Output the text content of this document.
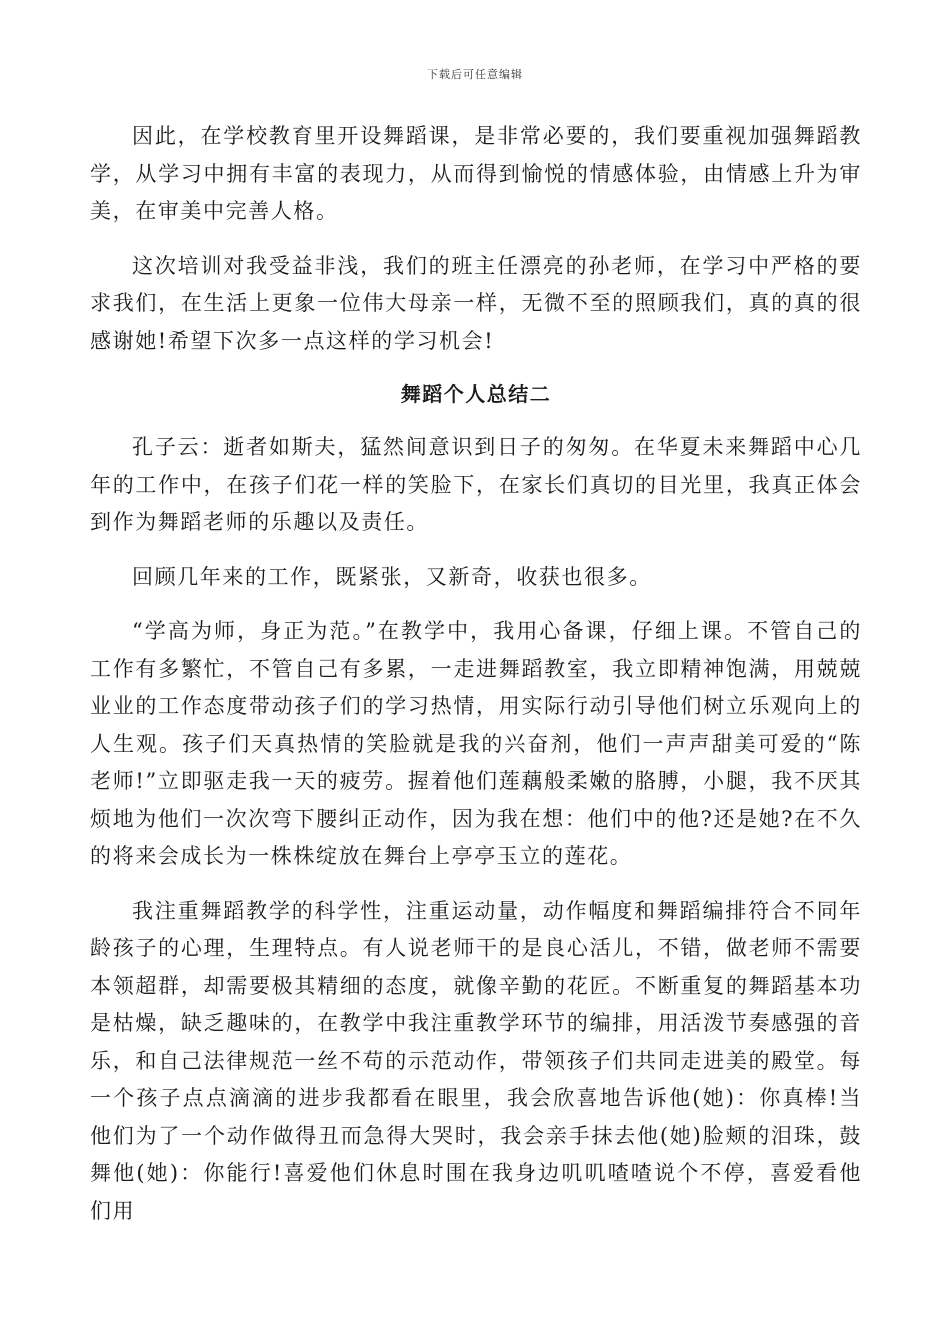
下载后可任意编辑

因此，在学校教育里开设舞蹈课，是非常必要的，我们要重视加强舞蹈教学，从学习中拥有丰富的表现力，从而得到愉悦的情感体验，由情感上升为审美，在审美中完善人格。

这次培训对我受益非浅，我们的班主任漂亮的孙老师，在学习中严格的要求我们，在生活上更象一位伟大母亲一样，无微不至的照顾我们，真的真的很感谢她!希望下次多一点这样的学习机会!

舞蹈个人总结二

孔子云：逝者如斯夫，猛然间意识到日子的匆匆。在华夏未来舞蹈中心几年的工作中，在孩子们花一样的笑脸下，在家长们真切的目光里，我真正体会到作为舞蹈老师的乐趣以及责任。

回顾几年来的工作，既紧张，又新奇，收获也很多。

“学高为师，身正为范。”在教学中，我用心备课，仔细上课。不管自己的工作有多繁忙，不管自己有多累，一走进舞蹈教室，我立即精神饱满，用兢兢业业的工作态度带动孩子们的学习热情，用实际行动引导他们树立乐观向上的人生观。孩子们天真热情的笑脸就是我的兴奋剂，他们一声声甜美可爱的“陈老师!”立即驱走我一天的疲劳。握着他们莲藕般柔嫩的胳膊，小腿，我不厌其烦地为他们一次次弯下腰纠正动作，因为我在想：他们中的他?还是她?在不久的将来会成长为一株株绽放在舞台上亭亭玉立的莲花。

我注重舞蹈教学的科学性，注重运动量，动作幅度和舞蹈编排符合不同年龄孩子的心理，生理特点。有人说老师干的是良心活儿，不错，做老师不需要本领超群，却需要极其精细的态度，就像辛勤的花匠。不断重复的舞蹈基本功是枯燥，缺乏趣味的，在教学中我注重教学环节的编排，用活泼节奏感强的音乐，和自己法律规范一丝不苟的示范动作，带领孩子们共同走进美的殿堂。每一个孩子点点滴滴的进步我都看在眼里，我会欣喜地告诉他(她)：你真棒!当他们为了一个动作做得丑而急得大哭时，我会亲手抹去他(她)脸颊的泪珠，鼓舞他(她)：你能行!喜爱他们休息时围在我身边叽叽喳喳说个不停，喜爱看他们用
